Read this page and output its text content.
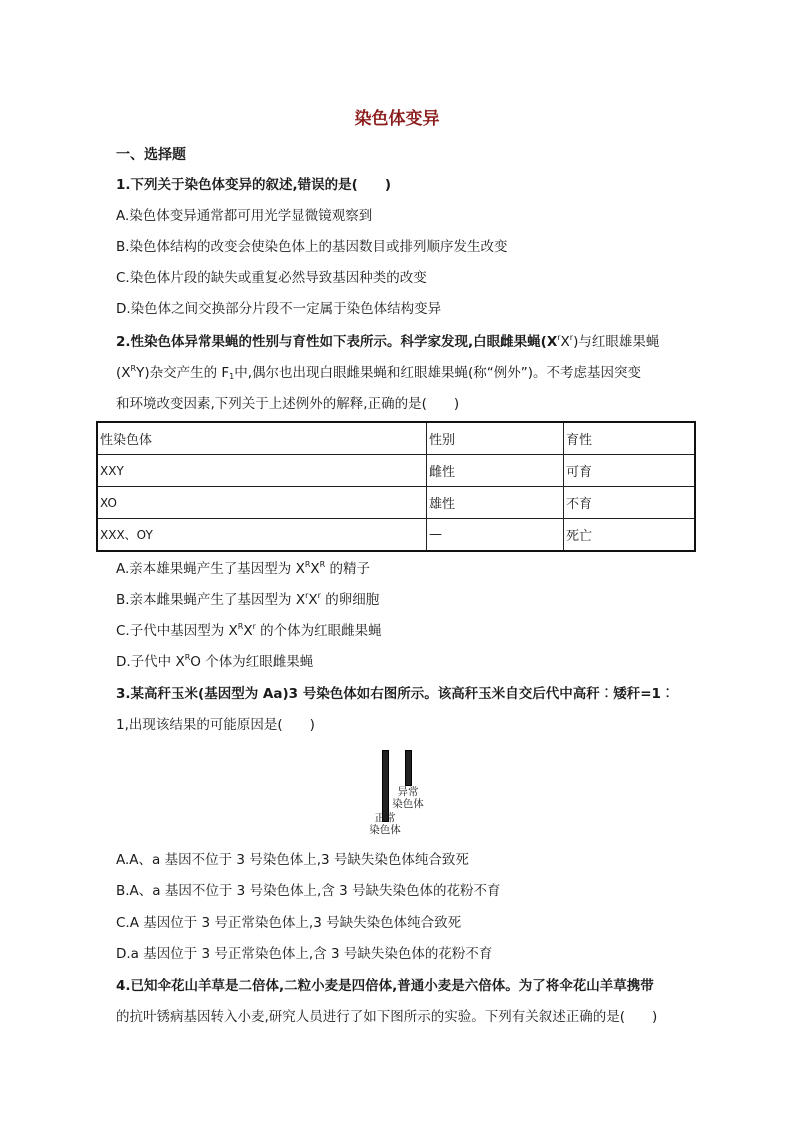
染色体变异
一、选择题
1.下列关于染色体变异的叙述,错误的是(　　)
A.染色体变异通常都可用光学显微镜观察到
B.染色体结构的改变会使染色体上的基因数目或排列顺序发生改变
C.染色体片段的缺失或重复必然导致基因种类的改变
D.染色体之间交换部分片段不一定属于染色体结构变异
2.性染色体异常果蝇的性别与育性如下表所示。科学家发现,白眼雌果蝇$(X^rX^r)$与红眼雄果蝇
$(X^RY)$杂交产生的 $F_1$中,偶尔也出现白眼雌果蝇和红眼雄果蝇(称“例外”)。不考虑基因突变
和环境改变因素,下列关于上述例外的解释,正确的是(　　)
性染色体	性别	育性
XXY	雌性	可育
XO	雄性	不育
XXX、OY	—	死亡
A.亲本雄果蝇产生了基因型为 $X^RX^R$ 的精子
B.亲本雌果蝇产生了基因型为 $X^rX^r$ 的卵细胞
C.子代中基因型为 $X^RX^r$ 的个体为红眼雌果蝇
D.子代中 $X^RO$ 个体为红眼雌果蝇
3.某高秆玉米(基因型为 Aa)3 号染色体如右图所示。该高秆玉米自交后代中高秆︰矮秆=1︰
1,出现该结果的可能原因是(　　)
异常
染色体
正常
染色体
A.A、a 基因不位于 3 号染色体上,3 号缺失染色体纯合致死
B.A、a 基因不位于 3 号染色体上,含 3 号缺失染色体的花粉不育
C.A 基因位于 3 号正常染色体上,3 号缺失染色体纯合致死
D.a 基因位于 3 号正常染色体上,含 3 号缺失染色体的花粉不育
4.已知伞花山羊草是二倍体,二粒小麦是四倍体,普通小麦是六倍体。为了将伞花山羊草携带
的抗叶锈病基因转入小麦,研究人员进行了如下图所示的实验。下列有关叙述正确的是(　　)
